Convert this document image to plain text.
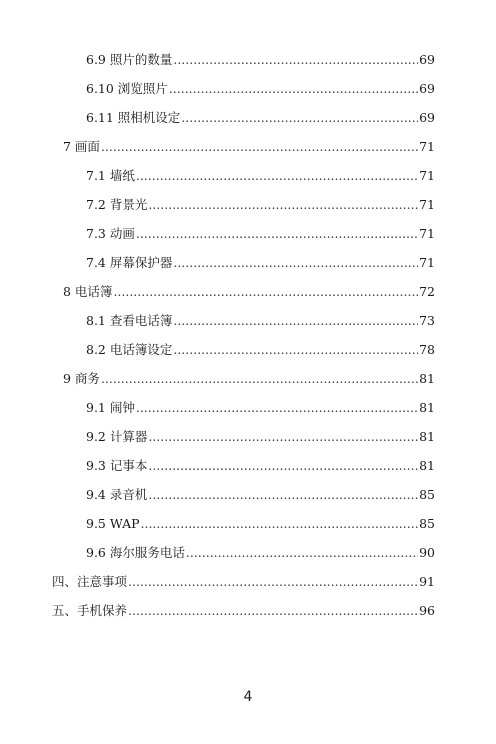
6.9 照片的数量 .....	69
6.10 浏览照片 .....	69
6.11 照相机设定 .....	69
7 画面 .....	71
7.1 墙纸 .....	71
7.2 背景光 .....	71
7.3 动画 .....	71
7.4 屏幕保护器 .....	71
8 电话簿 .....	72
8.1 查看电话簿 .....	73
8.2 电话簿设定 .....	78
9 商务 .....	81
9.1 闹钟 .....	81
9.2 计算器 .....	81
9.3 记事本 .....	81
9.4 录音机 .....	85
9.5 WAP .....	85
9.6 海尔服务电话 .....	90
四、注意事项 .....	91
五、手机保养 .....	96
4
